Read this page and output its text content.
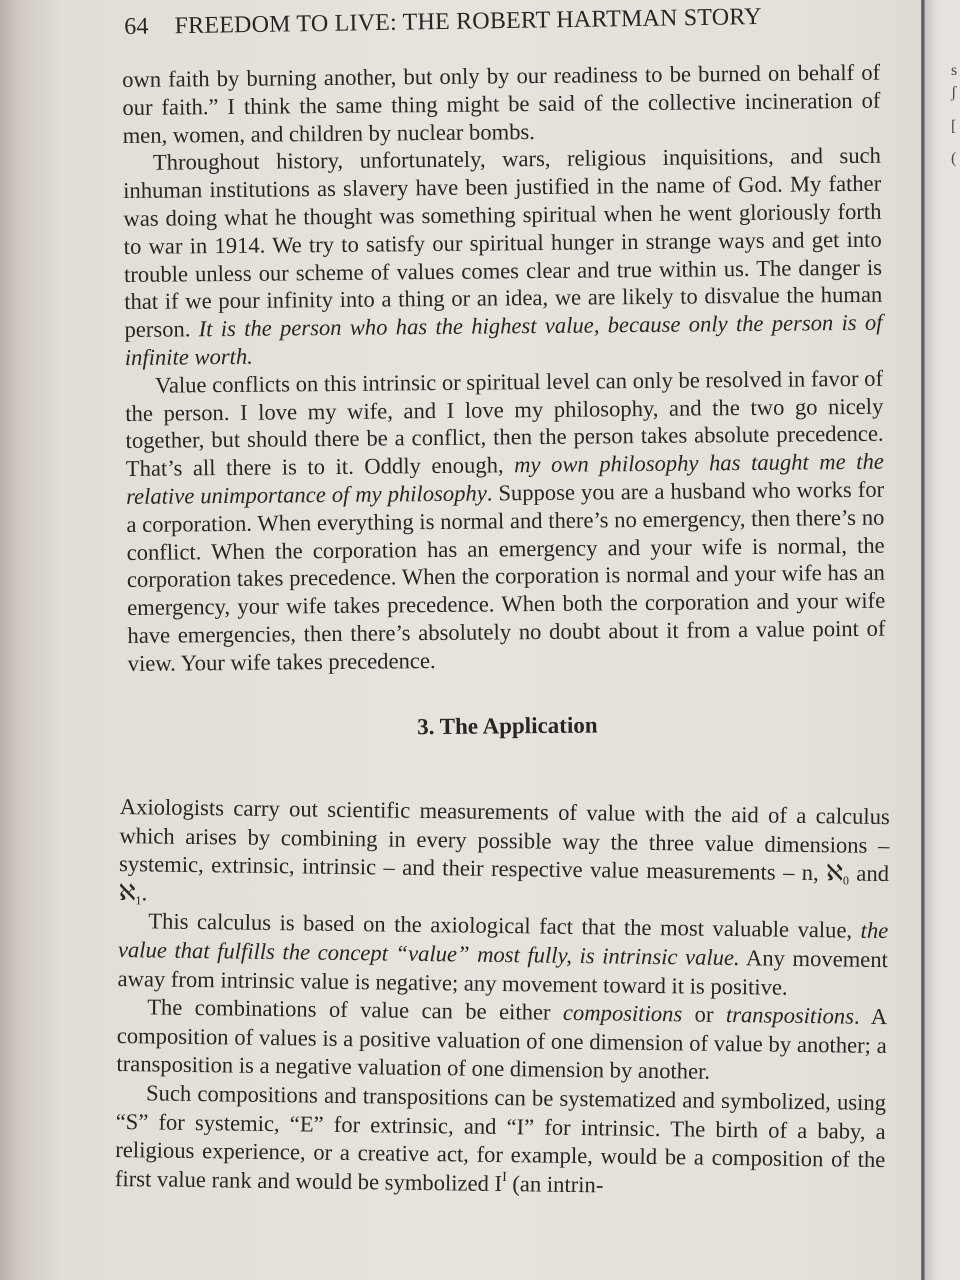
s
ʃ
[
(
64 FREEDOM TO LIVE: THE ROBERT HARTMAN STORY

own faith by burning another, but only by our readiness to be burned on behalf of our faith.” I think the same thing might be said of the collective incineration of men, women, and children by nuclear bombs.

Throughout history, unfortunately, wars, religious inquisitions, and such inhuman institutions as slavery have been justified in the name of God. My father was doing what he thought was something spiritual when he went gloriously forth to war in 1914. We try to satisfy our spiritual hunger in strange ways and get into trouble unless our scheme of values comes clear and true within us. The danger is that if we pour infinity into a thing or an idea, we are likely to disvalue the human person. It is the person who has the highest value, because only the person is of infinite worth.

Value conflicts on this intrinsic or spiritual level can only be resolved in favor of the person. I love my wife, and I love my philosophy, and the two go nicely together, but should there be a conflict, then the person takes absolute precedence. That’s all there is to it. Oddly enough, my own philosophy has taught me the relative unimportance of my philosophy. Suppose you are a husband who works for a corporation. When everything is normal and there’s no emergency, then there’s no conflict. When the corporation has an emergency and your wife is normal, the corporation takes precedence. When the corporation is normal and your wife has an emergency, your wife takes precedence. When both the corporation and your wife have emergencies, then there’s absolutely no doubt about it from a value point of view. Your wife takes precedence.

3. The Application

Axiologists carry out scientific measurements of value with the aid of a calculus which arises by combining in every possible way the three value dimensions – systemic, extrinsic, intrinsic – and their respective value measurements – n, ℵ$_0$ and ℵ$_1$.

This calculus is based on the axiological fact that the most valuable value, the value that fulfills the concept “value” most fully, is intrinsic value. Any movement away from intrinsic value is negative; any movement toward it is positive.

The combinations of value can be either compositions or transpositions. A composition of values is a positive valuation of one dimension of value by another; a transposition is a negative valuation of one dimension by another.

Such compositions and transpositions can be systematized and symbolized, using “S” for systemic, “E” for extrinsic, and “I” for intrinsic. The birth of a baby, a religious experience, or a creative act, for example, would be a composition of the first value rank and would be symbolized $I^I$ (an intrin-
